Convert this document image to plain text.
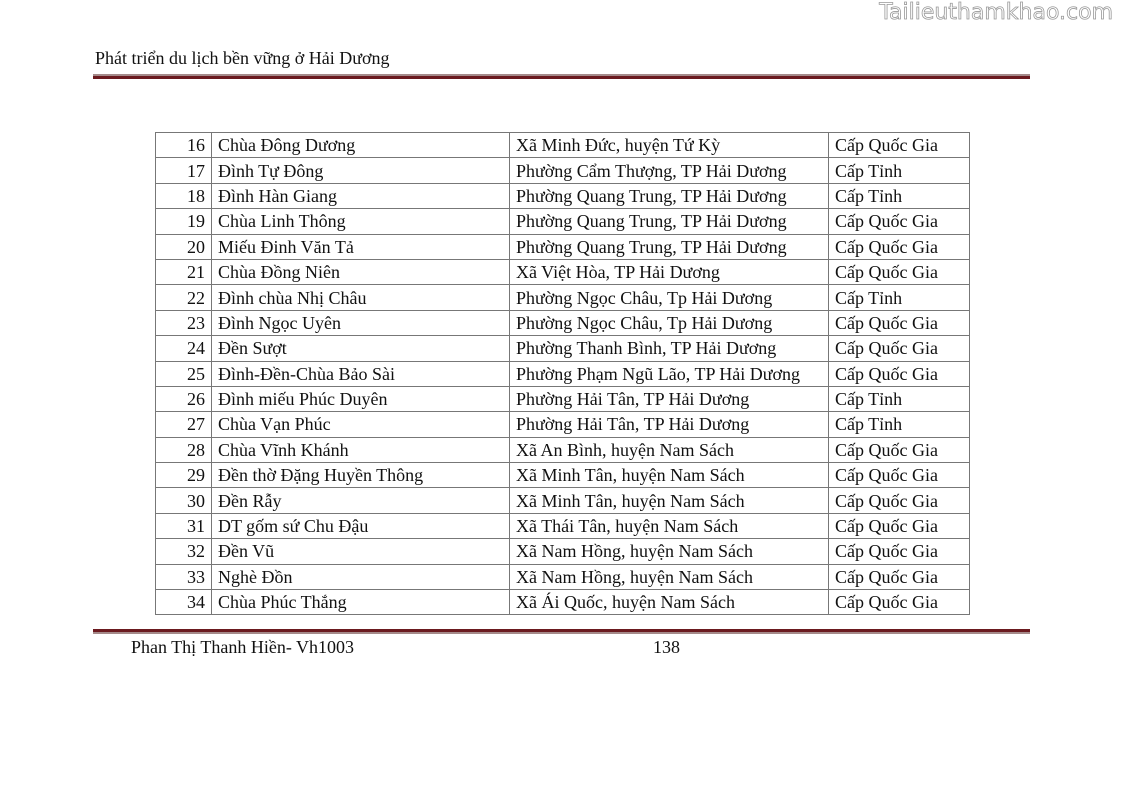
Tailieuthamkhao.com
Phát triển du lịch bền vững ở Hải Dương
16	Chùa Đông Dương	Xã Minh Đức, huyện Tứ Kỳ	Cấp Quốc Gia
17	Đình Tự Đông	Phường Cẩm Thượng, TP Hải Dương	Cấp Tỉnh
18	Đình Hàn Giang	Phường Quang Trung, TP Hải Dương	Cấp Tỉnh
19	Chùa Linh Thông	Phường Quang Trung, TP Hải Dương	Cấp Quốc Gia
20	Miếu Đinh Văn Tả	Phường Quang Trung, TP Hải Dương	Cấp Quốc Gia
21	Chùa Đồng Niên	Xã Việt Hòa, TP Hải Dương	Cấp Quốc Gia
22	Đình chùa Nhị Châu	Phường Ngọc Châu, Tp Hải Dương	Cấp Tỉnh
23	Đình Ngọc Uyên	Phường Ngọc Châu, Tp Hải Dương	Cấp Quốc Gia
24	Đền Sượt	Phường Thanh Bình, TP Hải Dương	Cấp Quốc Gia
25	Đình-Đền-Chùa Bảo Sài	Phường Phạm Ngũ Lão, TP Hải Dương	Cấp Quốc Gia
26	Đình miếu Phúc Duyên	Phường Hải Tân, TP Hải Dương	Cấp Tỉnh
27	Chùa Vạn Phúc	Phường Hải Tân, TP Hải Dương	Cấp Tỉnh
28	Chùa Vĩnh Khánh	Xã An Bình, huyện Nam Sách	Cấp Quốc Gia
29	Đền thờ Đặng Huyền Thông	Xã Minh Tân, huyện Nam Sách	Cấp Quốc Gia
30	Đền Rẫy	Xã Minh Tân, huyện Nam Sách	Cấp Quốc Gia
31	DT gốm sứ Chu Đậu	Xã Thái Tân, huyện Nam Sách	Cấp Quốc Gia
32	Đền Vũ	Xã Nam Hồng, huyện Nam Sách	Cấp Quốc Gia
33	Nghè Đồn	Xã Nam Hồng, huyện Nam Sách	Cấp Quốc Gia
34	Chùa Phúc Thắng	Xã Ái Quốc, huyện Nam Sách	Cấp Quốc Gia
Phan Thị Thanh Hiền- Vh1003	138
